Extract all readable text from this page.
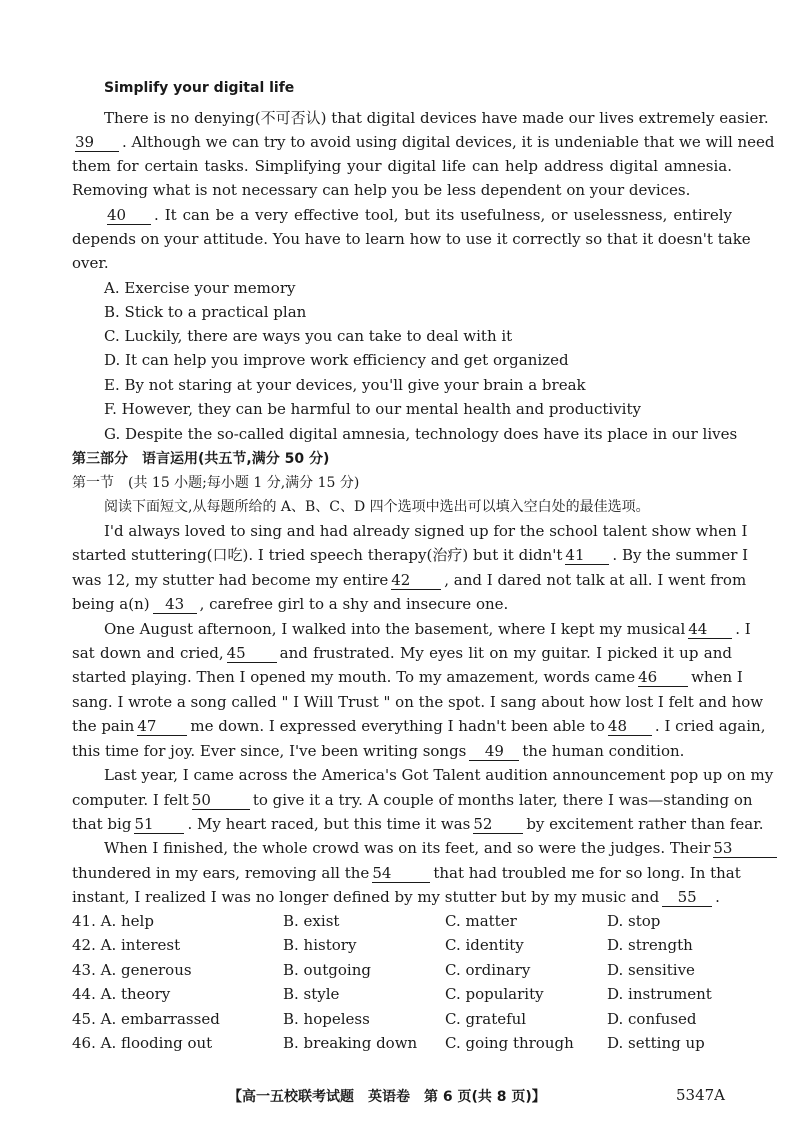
Simplify your digital life
There is no denying(不可否认) that digital devices have made our lives extremely easier.
39 . Although we can try to avoid using digital devices, it is undeniable that we will need
them for certain tasks. Simplifying your digital life can help address digital amnesia.
Removing what is not necessary can help you be less dependent on your devices.
40 . It can be a very effective tool, but its usefulness, or uselessness, entirely
depends on your attitude. You have to learn how to use it correctly so that it doesn't take
over.
A. Exercise your memory
B. Stick to a practical plan
C. Luckily, there are ways you can take to deal with it
D. It can help you improve work efficiency and get organized
E. By not staring at your devices, you'll give your brain a break
F. However, they can be harmful to our mental health and productivity
G. Despite the so-called digital amnesia, technology does have its place in our lives
第三部分　语言运用(共五节,满分 50 分)
第一节　(共 15 小题;每小题 1 分,满分 15 分)
阅读下面短文,从每题所给的 A、B、C、D 四个选项中选出可以填入空白处的最佳选项。
I'd always loved to sing and had already signed up for the school talent show when I
started stuttering(口吃). I tried speech therapy(治疗) but it didn't 41 . By the summer I
was 12, my stutter had become my entire 42 , and I dared not talk at all. I went from
being a(n) 43 , carefree girl to a shy and insecure one.
One August afternoon, I walked into the basement, where I kept my musical 44 . I
sat down and cried, 45 and frustrated. My eyes lit on my guitar. I picked it up and
started playing. Then I opened my mouth. To my amazement, words came 46 when I
sang. I wrote a song called " I Will Trust " on the spot. I sang about how lost I felt and how
the pain 47 me down. I expressed everything I hadn't been able to 48 . I cried again,
this time for joy. Ever since, I've been writing songs 49 the human condition.
Last year, I came across the America's Got Talent audition announcement pop up on my
computer. I felt 50	to give it a try. A couple of months later, there I was—standing on
that big 51 . My heart raced, but this time it was 52 by excitement rather than fear.
When I finished, the whole crowd was on its feet, and so were the judges. Their 53
thundered in my ears, removing all the 54	that had troubled me for so long. In that
instant, I realized I was no longer defined by my stutter but by my music and 55 .
41. A. help	B. exist	C. matter	D. stop
42. A. interest	B. history	C. identity	D. strength
43. A. generous	B. outgoing	C. ordinary	D. sensitive
44. A. theory	B. style	C. popularity	D. instrument
45. A. embarrassed	B. hopeless	C. grateful	D. confused
46. A. flooding out	B. breaking down C. going through D. setting up
【高一五校联考试题　英语卷　第 6 页(共 8 页)】	5347A
